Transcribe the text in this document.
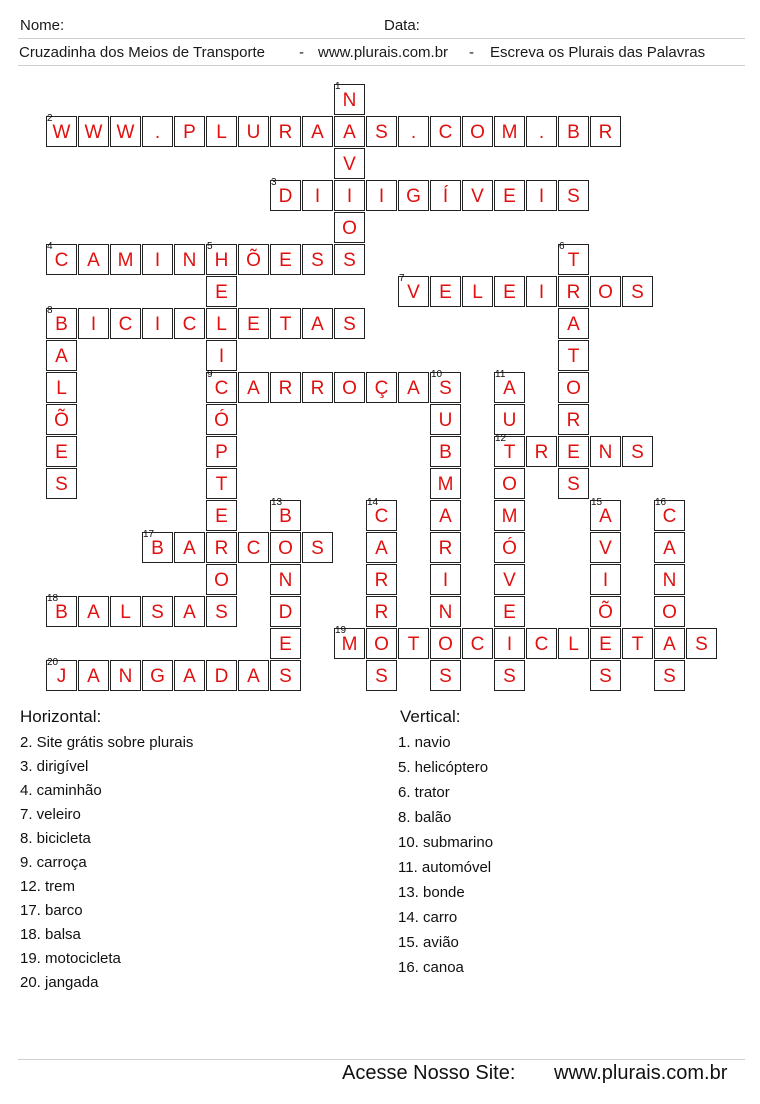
Nome:	Data:
Cruzadinha dos Meios de Transporte - www.plurais.com.br - Escreva os Plurais das Palavras
N
A
V
I
O
S
W W W	.	P	L	U R A	S	.	C O M	.	B R
D	I	I	G	Í	V	E	I	S
C A M	I	N H Õ E	S
E
L
I
C
Ó
P
T
E
R
O
S
T
R
A
T
O
R
E
S
V	E	L	E	I	O S
B	I	C	I	C	E	T	A	S
A
L
Õ
E
S
A R R O Ç A	S
U
B
M
A
R
I
N
O
S
A
U
T
O
M
Ó
V
E
I
S
R	N S
B
O
N
D
E
S
C
A
R
R
O
S
A
V
I
Õ
E
S
C
A
N
O
A
S
B	A	C	S
B	A	L	S	A
M	T	C	C	L	T	S
J	A N G A D A
1
2
3
4	5	6
7
8
9	10	11
12
13	14	15	16
17
18
19
20
Horizontal:	Vertical:
2. Site grátis sobre plurais
3. dirigível
4. caminhão
7. veleiro
8. bicicleta
9. carroça
12. trem
17. barco
18. balsa
19. motocicleta
20. jangada
1. navio
5. helicóptero
6. trator
8. balão
10. submarino
11. automóvel
13. bonde
14. carro
15. avião
16. canoa
Acesse Nosso Site: www.plurais.com.br
